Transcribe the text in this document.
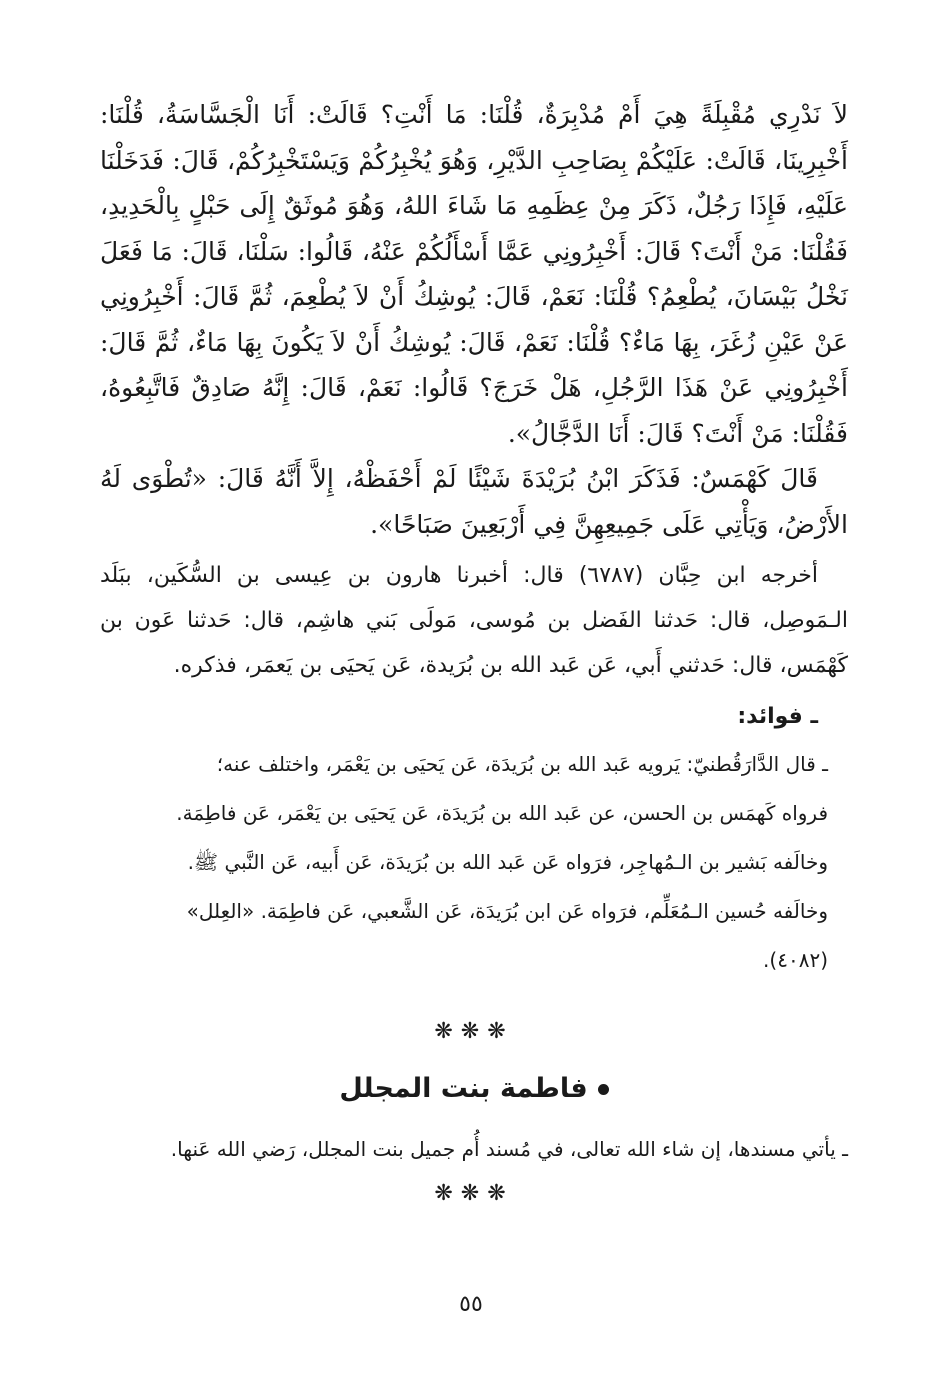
لاَ نَدْرِي مُقْبِلَةً هِيَ أَمْ مُدْبِرَةٌ، قُلْنَا: مَا أَنْتِ؟ قَالَتْ: أَنَا الْجَسَّاسَةُ، قُلْنَا: أَخْبِرِينَا، قَالَتْ: عَلَيْكُمْ بِصَاحِبِ الدَّيْرِ، وَهُوَ يُخْبِرُكُمْ وَيَسْتَخْبِرُكُمْ، قَالَ: فَدَخَلْنَا عَلَيْهِ، فَإِذَا رَجُلٌ، ذَكَرَ مِنْ عِظَمِهِ مَا شَاءَ اللهُ، وَهُوَ مُوثَقٌ إِلَى حَبْلٍ بِالْحَدِيدِ، فَقُلْنَا: مَنْ أَنْتَ؟ قَالَ: أَخْبِرُونِي عَمَّا أَسْأَلُكُمْ عَنْهُ، قَالُوا: سَلْنَا، قَالَ: مَا فَعَلَ نَخْلُ بَيْسَانَ، يُطْعِمُ؟ قُلْنَا: نَعَمْ، قَالَ: يُوشِكُ أَنْ لاَ يُطْعِمَ، ثُمَّ قَالَ: أَخْبِرُونِي عَنْ عَيْنِ زُغَرَ، بِهَا مَاءٌ؟ قُلْنَا: نَعَمْ، قَالَ: يُوشِكُ أَنْ لاَ يَكُونَ بِهَا مَاءٌ، ثُمَّ قَالَ: أَخْبِرُونِي عَنْ هَذَا الرَّجُلِ، هَلْ خَرَجَ؟ قَالُوا: نَعَمْ، قَالَ: إِنَّهُ صَادِقٌ فَاتَّبِعُوهُ، فَقُلْنَا: مَنْ أَنْتَ؟ قَالَ: أَنَا الدَّجَّالُ».

قَالَ كَهْمَسٌ: فَذَكَرَ ابْنُ بُرَيْدَةَ شَيْئًا لَمْ أَحْفَظْهُ، إِلاَّ أَنَّهُ قَالَ: «تُطْوَى لَهُ الأَرْضُ، وَيَأْتِي عَلَى جَمِيعِهِنَّ فِي أَرْبَعِينَ صَبَاحًا».

أخرجه ابن حِبَّان (٦٧٨٧) قال: أخبرنا هارون بن عِيسى بن السُّكَين، ببَلَد الـمَوصِل، قال: حَدثنا الفَضل بن مُوسى، مَولَى بَني هاشِم، قال: حَدثنا عَون بن كَهْمَس، قال: حَدثني أَبي، عَن عَبد الله بن بُرَيدة، عَن يَحيَى بن يَعمَر، فذكره.

ـ فوائد:

ـ قال الدَّارَقُطنيّ: يَرويه عَبد الله بن بُرَيدَة، عَن يَحيَى بن يَعْمَر، واختلف عنه؛

فرواه كَهمَس بن الحسن، عن عَبد الله بن بُرَيدَة، عَن يَحيَى بن يَعْمَر، عَن فاطِمَة.

وخالَفه بَشير بن الـمُهاجِر، فرَواه عَن عَبد الله بن بُرَيدَة، عَن أَبيه، عَن النَّبي ﷺ.

وخالَفه حُسين الـمُعَلِّم، فرَواه عَن ابن بُرَيدَة، عَن الشَّعبي، عَن فاطِمَة. «العِلل»

(٤٠٨٢).

❋❋❋
فاطمة بنت المجلل

ـ يأتي مسندها، إن شاء الله تعالى، في مُسند أُم جميل بنت المجلل، رَضي الله عَنها.

❋❋❋
٥٥
